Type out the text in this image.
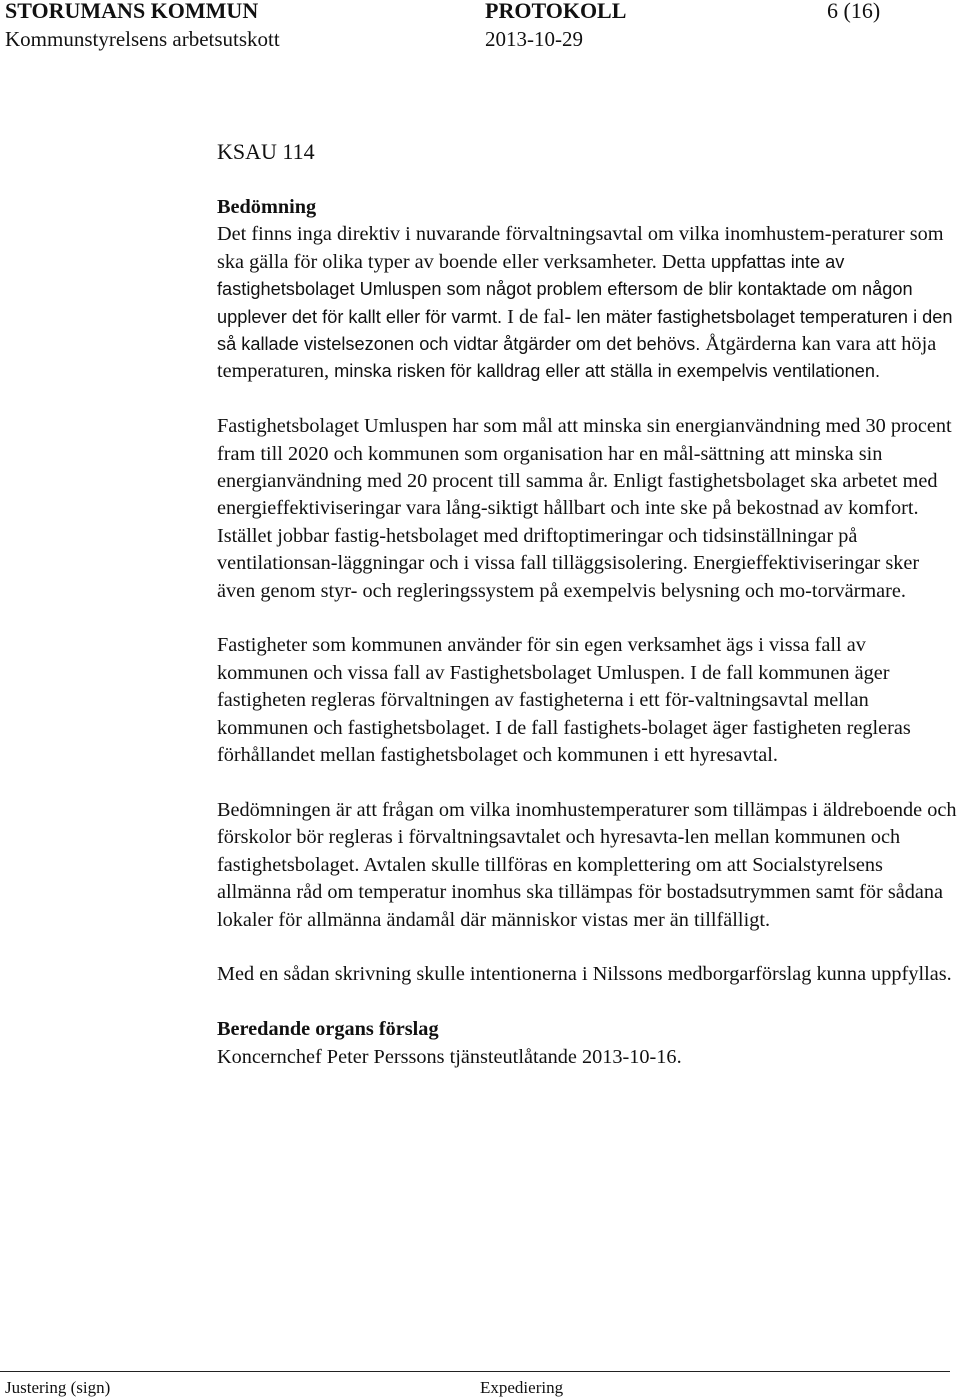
STORUMANS KOMMUN	PROTOKOLL	6 (16)
Kommunstyrelsens arbetsutskott	2013-10-29
KSAU 114

Bedömning

Det finns inga direktiv i nuvarande förvaltningsavtal om vilka inomhustem-peraturer som ska gälla för olika typer av boende eller verksamheter. Detta uppfattas inte av fastighetsbolaget Umluspen som något problem eftersom de blir kontaktade om någon upplever det för kallt eller för varmt. I de fal- len mäter fastighetsbolaget temperaturen i den så kallade vistelsezonen och vidtar åtgärder om det behövs. Åtgärderna kan vara att höja temperaturen, minska risken för kalldrag eller att ställa in exempelvis ventilationen.

Fastighetsbolaget Umluspen har som mål att minska sin energianvändning med 30 procent fram till 2020 och kommunen som organisation har en mål-sättning att minska sin energianvändning med 20 procent till samma år. Enligt fastighetsbolaget ska arbetet med energieffektiviseringar vara lång-siktigt hållbart och inte ske på bekostnad av komfort. Istället jobbar fastig-hetsbolaget med driftoptimeringar och tidsinställningar på ventilationsan-läggningar och i vissa fall tilläggsisolering. Energieffektiviseringar sker även genom styr- och regleringssystem på exempelvis belysning och mo-torvärmare.

Fastigheter som kommunen använder för sin egen verksamhet ägs i vissa fall av kommunen och vissa fall av Fastighetsbolaget Umluspen. I de fall kommunen äger fastigheten regleras förvaltningen av fastigheterna i ett för-valtningsavtal mellan kommunen och fastighetsbolaget. I de fall fastighets-bolaget äger fastigheten regleras förhållandet mellan fastighetsbolaget och kommunen i ett hyresavtal.

Bedömningen är att frågan om vilka inomhustemperaturer som tillämpas i äldreboende och förskolor bör regleras i förvaltningsavtalet och hyresavta-len mellan kommunen och fastighetsbolaget. Avtalen skulle tillföras en komplettering om att Socialstyrelsens allmänna råd om temperatur inomhus ska tillämpas för bostadsutrymmen samt för sådana lokaler för allmänna ändamål där människor vistas mer än tillfälligt.

Med en sådan skrivning skulle intentionerna i Nilssons medborgarförslag kunna uppfyllas.

Beredande organs förslag

Koncernchef Peter Perssons tjänsteutlåtande 2013-10-16.

Justering (sign)	Expediering
